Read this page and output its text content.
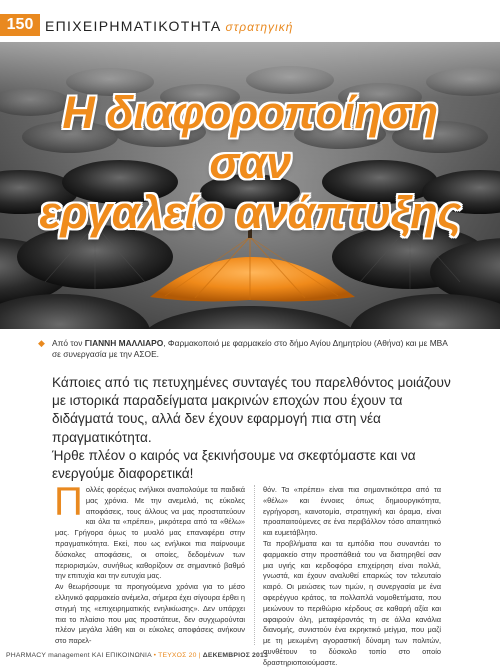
150 ΕΠΙΧΕΙΡΗΜΑΤΙΚΟΤΗΤΑ στρατηγική
Η διαφοροποίηση
σαν
εργαλείο ανάπτυξης
◆ Από τον ΓΙΑΝΝΗ ΜΑΛΛΙΑΡΟ, Φαρμακοποιό με φαρμακείο στο δήμο Αγίου Δημητρίου (Αθήνα) και με MBA σε συνεργασία με την ΑΣΟΕ.

Κάποιες από τις πετυχημένες συνταγές του παρελθόντος μοιάζουν με ιστορικά παραδείγματα μακρινών εποχών που έχουν τα διδάγματά τους, αλλά δεν έχουν εφαρμογή πια στη νέα πραγματικότητα.

Ήρθε πλέον ο καιρός να ξεκινήσουμε να σκεφτόμαστε και να ενεργούμε διαφορετικά!

Π ολλές φορέςως ενήλικοι αναπολούμε τα παιδικά μας χρόνια. Με την ανεμελιά, τις εύκολες αποφάσεις, τους άλλους να μας προστατεύουν και όλα τα «πρέπει», μικρότερα από τα «θέλω» μας. Γρήγορα όμως το μυαλό μας επαναφέρει στην πραγματικότητα. Εκεί, που ως ενήλικοι πια παίρνουμε δύσκολες αποφάσεις, οι οποίες, δεδομένων των περιορισμών, συνήθως καθορίζουν σε σημαντικό βαθμό την επιτυχία και την ευτυχία μας.
Αν θεωρήσουμε τα προηγούμενα χρόνια για το μέσο ελληνικό φαρμακείο ανέμελα, σήμερα έχει σίγουρα έρθει η στιγμή της «επιχειρηματικής ενηλικίωσης». Δεν υπάρχει πια το πλαίσιο που μας προστάτευε, δεν συγχωρούνται πλέον μεγάλα λάθη και οι εύκολες αποφάσεις ανήκουν στο παρελ-
θόν. Τα «πρέπει» είναι πια σημαντικότερα από τα «θέλω» και έννοιες όπως δημιουργικότητα, εγρήγορση, καινοτομία, στρατηγική και όραμα, είναι προαπαιτούμενες σε ένα περιβάλλον τόσο απαιτητικό και ευμετάβλητο.
Τα προβλήματα και τα εμπόδια που συναντάει το φαρμακείο στην προσπάθειά του να διατηρηθεί σαν μια υγιής και κερδοφόρα επιχείρηση είναι πολλά, γνωστά, και έχουν αναλυθεί επαρκώς τον τελευταίο καιρό. Οι μειώσεις των τιμών, η συνεργασία με ένα αφερέγγυο κράτος, τα πολλαπλά νομοθετήματα, που μειώνουν το περιθώριο κέρδους σε καθαρή αξία και αφαιρούν όλη, μεταφέροντάς τη σε άλλα κανάλια διανομής, συνιστούν ένα εκρηκτικό μείγμα, που μαζί με τη μειωμένη αγοραστική δύναμη των πολιτών, συνθέτουν το δύσκολο τοπίο στο οποίο δραστηριοποιούμαστε.
PHARMACY management ΚΑΙ ΕΠΙΚΟΙΝΩΝΙΑ • ΤΕΥΧΟΣ 20 | ΔΕΚΕΜΒΡΙΟΣ 2013
